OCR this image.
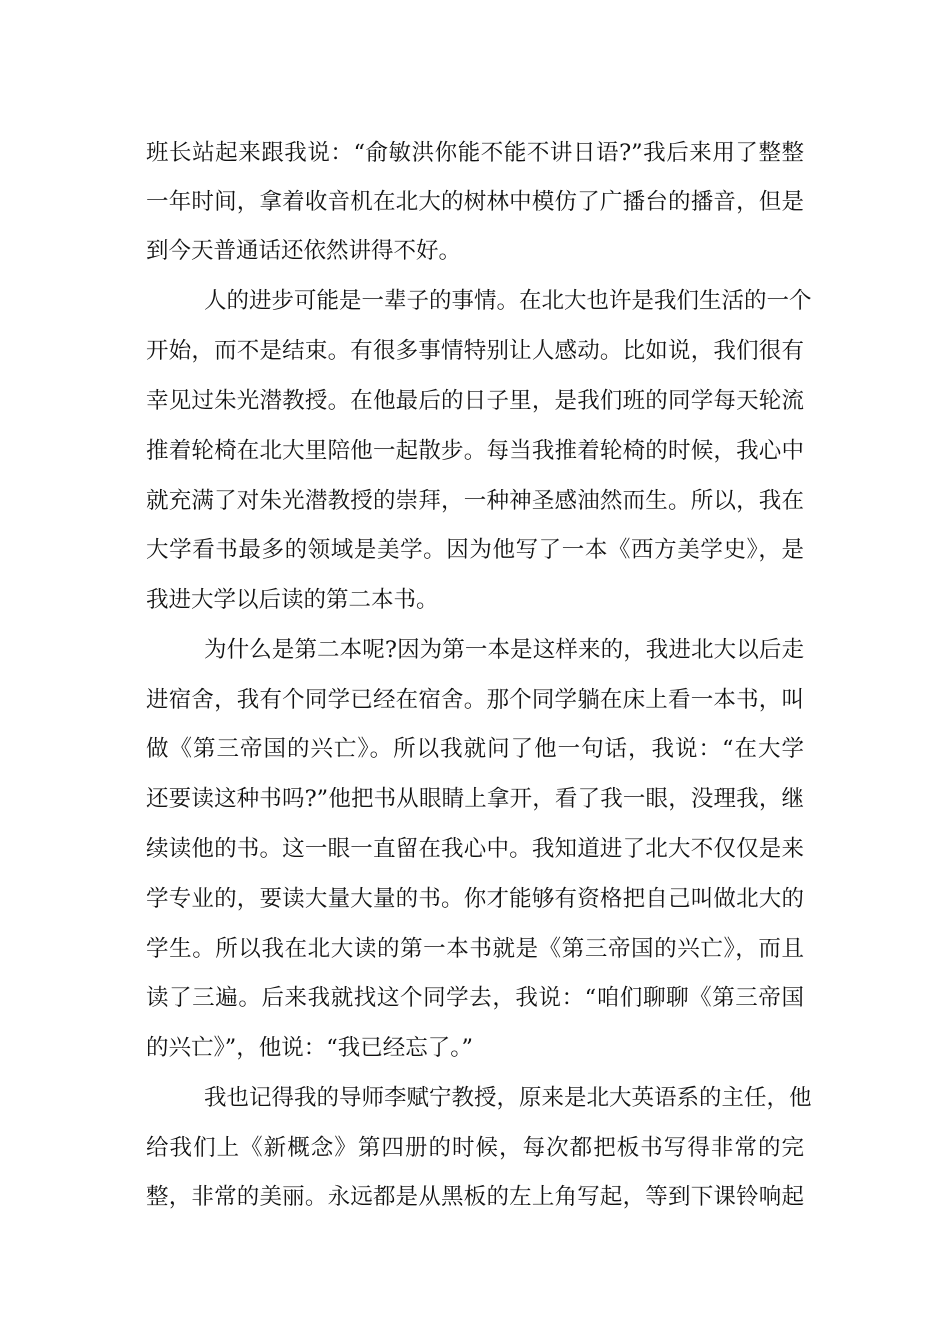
班长站起来跟我说：“俞敏洪你能不能不讲日语?”我后来用了整整
一年时间，拿着收音机在北大的树林中模仿了广播台的播音，但是
到今天普通话还依然讲得不好。
人的进步可能是一辈子的事情。在北大也许是我们生活的一个
开始，而不是结束。有很多事情特别让人感动。比如说，我们很有
幸见过朱光潜教授。在他最后的日子里，是我们班的同学每天轮流
推着轮椅在北大里陪他一起散步。每当我推着轮椅的时候，我心中
就充满了对朱光潜教授的崇拜，一种神圣感油然而生。所以，我在
大学看书最多的领域是美学。因为他写了一本《西方美学史》，是
我进大学以后读的第二本书。
为什么是第二本呢?因为第一本是这样来的，我进北大以后走
进宿舍，我有个同学已经在宿舍。那个同学躺在床上看一本书，叫
做《第三帝国的兴亡》。所以我就问了他一句话，我说：“在大学
还要读这种书吗?”他把书从眼睛上拿开，看了我一眼，没理我，继
续读他的书。这一眼一直留在我心中。我知道进了北大不仅仅是来
学专业的，要读大量大量的书。你才能够有资格把自己叫做北大的
学生。所以我在北大读的第一本书就是《第三帝国的兴亡》，而且
读了三遍。后来我就找这个同学去，我说：“咱们聊聊《第三帝国
的兴亡》”，他说：“我已经忘了。”
我也记得我的导师李赋宁教授，原来是北大英语系的主任，他
给我们上《新概念》第四册的时候，每次都把板书写得非常的完
整，非常的美丽。永远都是从黑板的左上角写起，等到下课铃响起
